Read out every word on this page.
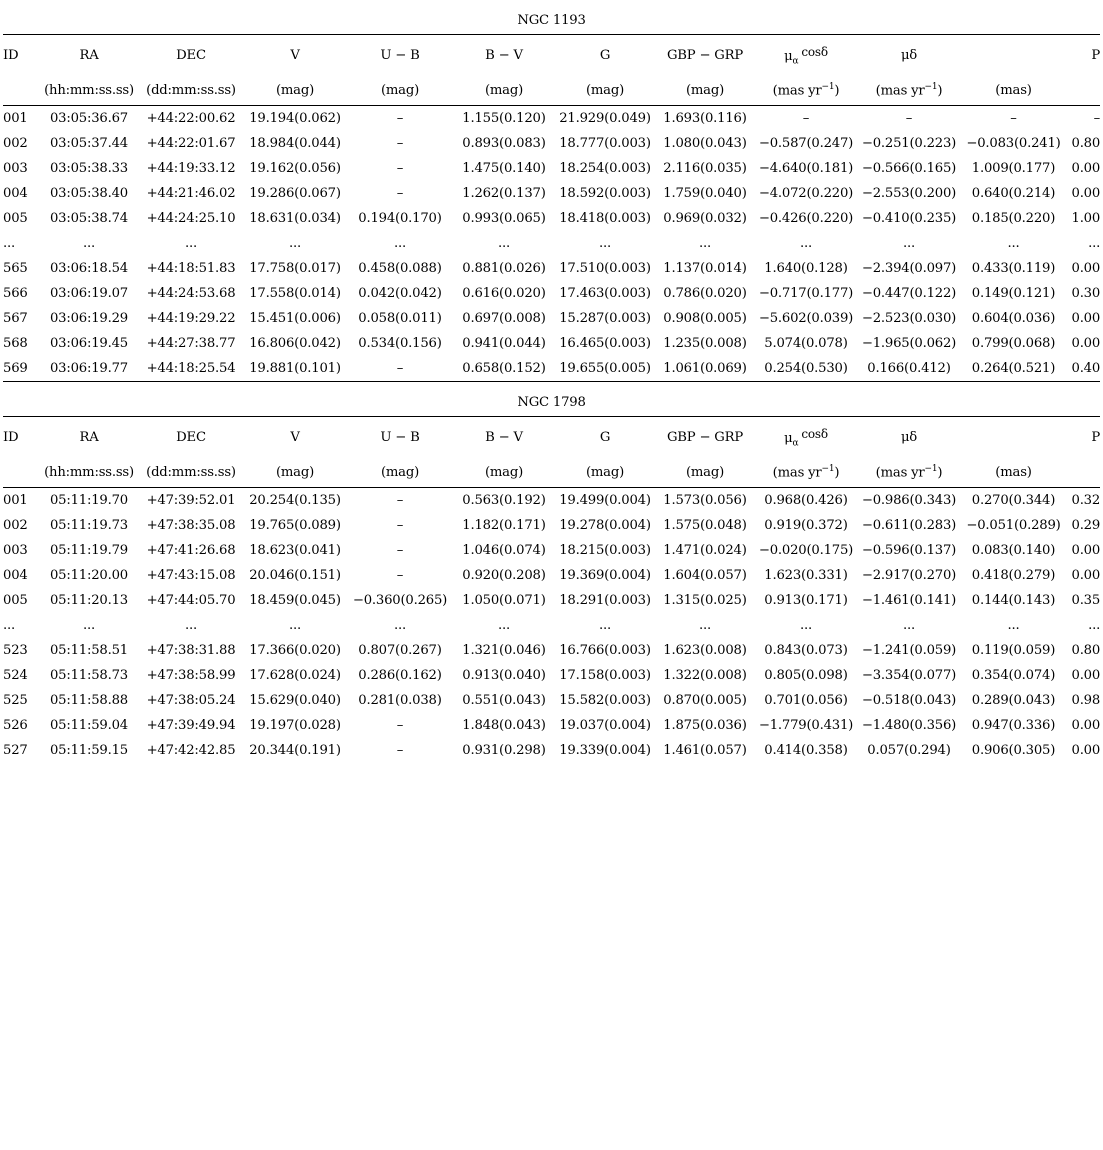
NGC 1193											
ID	RA	DEC	V	U − B	B − V	G	GBP − GRP	$\mu_\alpha^{cos\delta}$	μδ		P
	(hh:mm:ss.ss)	(dd:mm:ss.ss)	(mag)	(mag)	(mag)	(mag)	(mag)	(mas $yr^{-1}$)	(mas $yr^{-1}$)	(mas)	
001	03:05:36.67	+44:22:00.62	19.194(0.062)	–	1.155(0.120)	21.929(0.049)	1.693(0.116)	–	–	–	–
002	03:05:37.44	+44:22:01.67	18.984(0.044)	–	0.893(0.083)	18.777(0.003)	1.080(0.043)	−0.587(0.247)	−0.251(0.223)	−0.083(0.241)	0.80
003	03:05:38.33	+44:19:33.12	19.162(0.056)	–	1.475(0.140)	18.254(0.003)	2.116(0.035)	−4.640(0.181)	−0.566(0.165)	1.009(0.177)	0.00
004	03:05:38.40	+44:21:46.02	19.286(0.067)	–	1.262(0.137)	18.592(0.003)	1.759(0.040)	−4.072(0.220)	−2.553(0.200)	0.640(0.214)	0.00
005	03:05:38.74	+44:24:25.10	18.631(0.034)	0.194(0.170)	0.993(0.065)	18.418(0.003)	0.969(0.032)	−0.426(0.220)	−0.410(0.235)	0.185(0.220)	1.00
...	...	...	...	...	...	...	...	...	...	...	...
565	03:06:18.54	+44:18:51.83	17.758(0.017)	0.458(0.088)	0.881(0.026)	17.510(0.003)	1.137(0.014)	1.640(0.128)	−2.394(0.097)	0.433(0.119)	0.00
566	03:06:19.07	+44:24:53.68	17.558(0.014)	0.042(0.042)	0.616(0.020)	17.463(0.003)	0.786(0.020)	−0.717(0.177)	−0.447(0.122)	0.149(0.121)	0.30
567	03:06:19.29	+44:19:29.22	15.451(0.006)	0.058(0.011)	0.697(0.008)	15.287(0.003)	0.908(0.005)	−5.602(0.039)	−2.523(0.030)	0.604(0.036)	0.00
568	03:06:19.45	+44:27:38.77	16.806(0.042)	0.534(0.156)	0.941(0.044)	16.465(0.003)	1.235(0.008)	5.074(0.078)	−1.965(0.062)	0.799(0.068)	0.00
569	03:06:19.77	+44:18:25.54	19.881(0.101)	–	0.658(0.152)	19.655(0.005)	1.061(0.069)	0.254(0.530)	0.166(0.412)	0.264(0.521)	0.40
NGC 1798											
ID	RA	DEC	V	U − B	B − V	G	GBP − GRP	$\mu_\alpha^{cos\delta}$	μδ		P
	(hh:mm:ss.ss)	(dd:mm:ss.ss)	(mag)	(mag)	(mag)	(mag)	(mag)	(mas $yr^{-1}$)	(mas $yr^{-1}$)	(mas)	
001	05:11:19.70	+47:39:52.01	20.254(0.135)	–	0.563(0.192)	19.499(0.004)	1.573(0.056)	0.968(0.426)	−0.986(0.343)	0.270(0.344)	0.32
002	05:11:19.73	+47:38:35.08	19.765(0.089)	–	1.182(0.171)	19.278(0.004)	1.575(0.048)	0.919(0.372)	−0.611(0.283)	−0.051(0.289)	0.29
003	05:11:19.79	+47:41:26.68	18.623(0.041)	–	1.046(0.074)	18.215(0.003)	1.471(0.024)	−0.020(0.175)	−0.596(0.137)	0.083(0.140)	0.00
004	05:11:20.00	+47:43:15.08	20.046(0.151)	–	0.920(0.208)	19.369(0.004)	1.604(0.057)	1.623(0.331)	−2.917(0.270)	0.418(0.279)	0.00
005	05:11:20.13	+47:44:05.70	18.459(0.045)	−0.360(0.265)	1.050(0.071)	18.291(0.003)	1.315(0.025)	0.913(0.171)	−1.461(0.141)	0.144(0.143)	0.35
...	...	...	...	...	...	...	...	...	...	...	...
523	05:11:58.51	+47:38:31.88	17.366(0.020)	0.807(0.267)	1.321(0.046)	16.766(0.003)	1.623(0.008)	0.843(0.073)	−1.241(0.059)	0.119(0.059)	0.80
524	05:11:58.73	+47:38:58.99	17.628(0.024)	0.286(0.162)	0.913(0.040)	17.158(0.003)	1.322(0.008)	0.805(0.098)	−3.354(0.077)	0.354(0.074)	0.00
525	05:11:58.88	+47:38:05.24	15.629(0.040)	0.281(0.038)	0.551(0.043)	15.582(0.003)	0.870(0.005)	0.701(0.056)	−0.518(0.043)	0.289(0.043)	0.98
526	05:11:59.04	+47:39:49.94	19.197(0.028)	–	1.848(0.043)	19.037(0.004)	1.875(0.036)	−1.779(0.431)	−1.480(0.356)	0.947(0.336)	0.00
527	05:11:59.15	+47:42:42.85	20.344(0.191)	–	0.931(0.298)	19.339(0.004)	1.461(0.057)	0.414(0.358)	0.057(0.294)	0.906(0.305)	0.00
